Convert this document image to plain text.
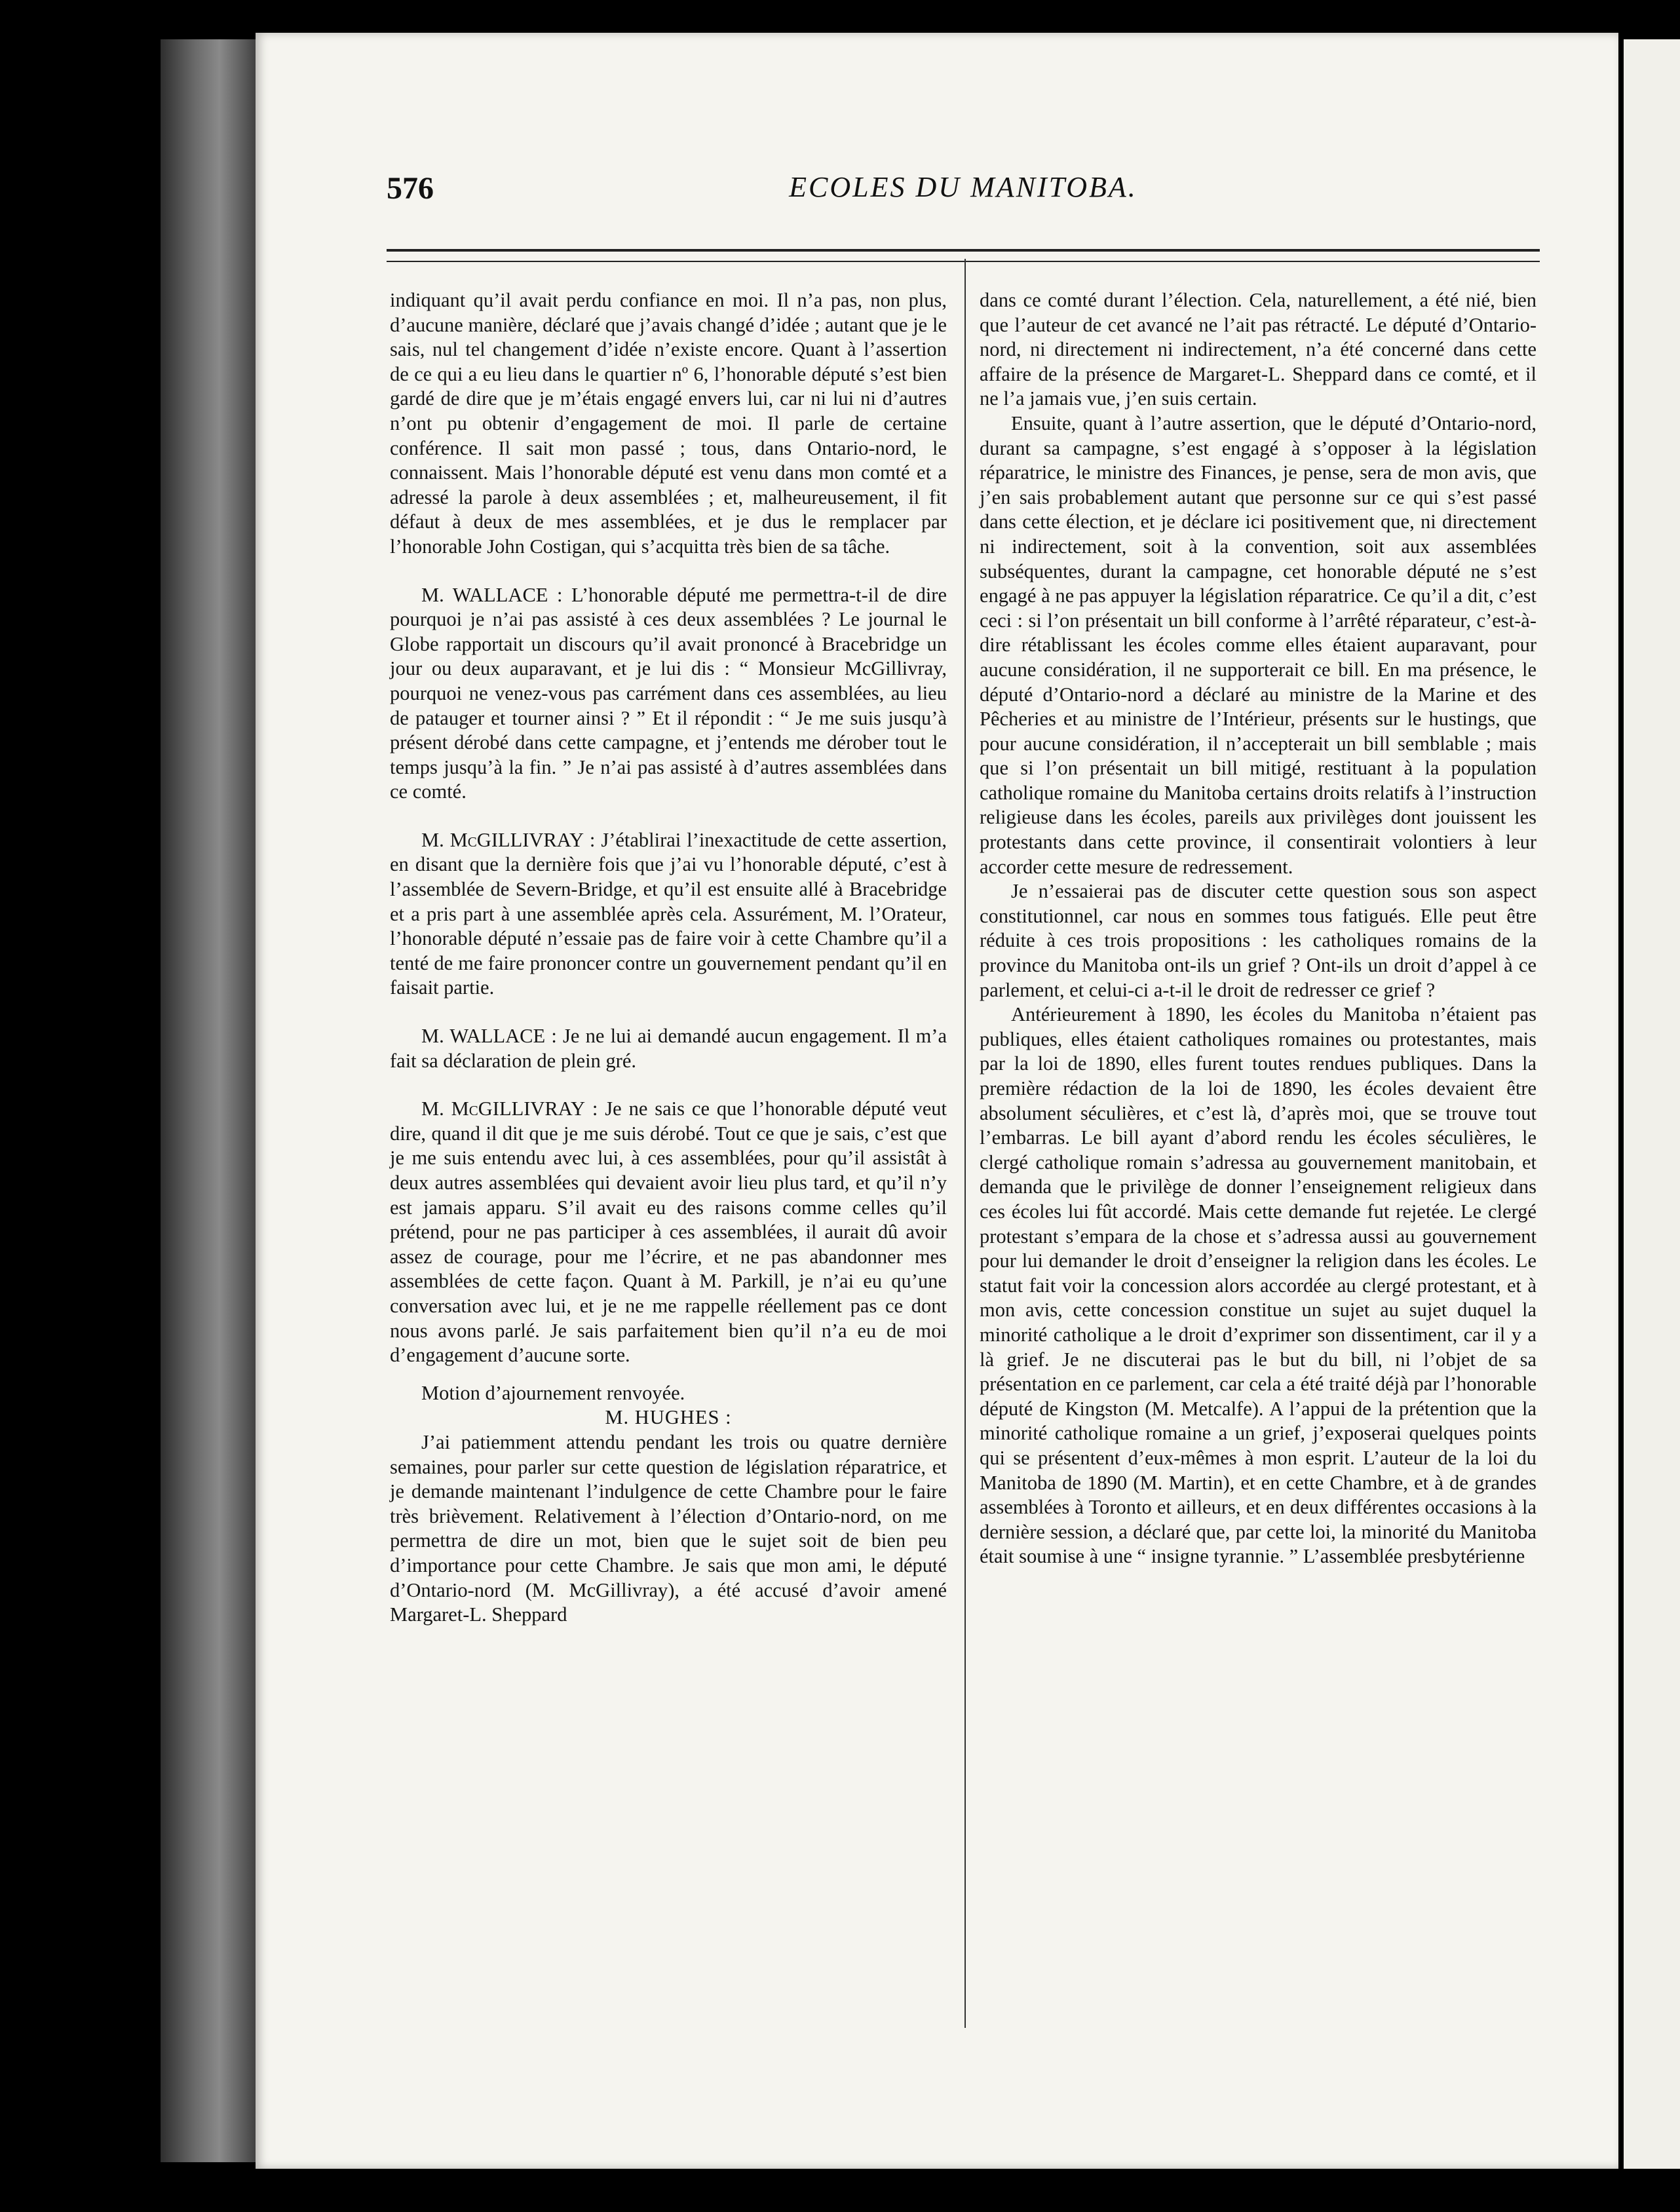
576	ECOLES DU MANITOBA.

indiquant qu’il avait perdu confiance en moi. Il n’a pas, non plus, d’aucune manière, déclaré que j’avais changé d’idée ; autant que je le sais, nul tel changement d’idée n’existe encore. Quant à l’assertion de ce qui a eu lieu dans le quartier nº 6, l’honorable député s’est bien gardé de dire que je m’étais engagé envers lui, car ni lui ni d’autres n’ont pu obtenir d’engagement de moi. Il parle de certaine conférence. Il sait mon passé ; tous, dans Ontario-nord, le connaissent. Mais l’honorable député est venu dans mon comté et a adressé la parole à deux assemblées ; et, malheureusement, il fit défaut à deux de mes assemblées, et je dus le remplacer par l’honorable John Costigan, qui s’acquitta très bien de sa tâche.

M. WALLACE : L’honorable député me permettra-t-il de dire pourquoi je n’ai pas assisté à ces deux assemblées ? Le journal le Globe rapportait un discours qu’il avait prononcé à Bracebridge un jour ou deux auparavant, et je lui dis : “ Monsieur McGillivray, pourquoi ne venez-vous pas carrément dans ces assemblées, au lieu de patauger et tourner ainsi ? ” Et il répondit : “ Je me suis jusqu’à présent dérobé dans cette campagne, et j’entends me dérober tout le temps jusqu’à la fin. ” Je n’ai pas assisté à d’autres assemblées dans ce comté.

M. McGILLIVRAY : J’établirai l’inexactitude de cette assertion, en disant que la dernière fois que j’ai vu l’honorable député, c’est à l’assemblée de Severn-Bridge, et qu’il est ensuite allé à Bracebridge et a pris part à une assemblée après cela. Assurément, M. l’Orateur, l’honorable député n’essaie pas de faire voir à cette Chambre qu’il a tenté de me faire prononcer contre un gouvernement pendant qu’il en faisait partie.

M. WALLACE : Je ne lui ai demandé aucun engagement. Il m’a fait sa déclaration de plein gré.

M. McGILLIVRAY : Je ne sais ce que l’honorable député veut dire, quand il dit que je me suis dérobé. Tout ce que je sais, c’est que je me suis entendu avec lui, à ces assemblées, pour qu’il assistât à deux autres assemblées qui devaient avoir lieu plus tard, et qu’il n’y est jamais apparu. S’il avait eu des raisons comme celles qu’il prétend, pour ne pas participer à ces assemblées, il aurait dû avoir assez de courage, pour me l’écrire, et ne pas abandonner mes assemblées de cette façon. Quant à M. Parkill, je n’ai eu qu’une conversation avec lui, et je ne me rappelle réellement pas ce dont nous avons parlé. Je sais parfaitement bien qu’il n’a eu de moi d’engagement d’aucune sorte.

Motion d’ajournement renvoyée.

M. HUGHES :

J’ai patiemment attendu pendant les trois ou quatre dernière semaines, pour parler sur cette question de législation réparatrice, et je demande maintenant l’indulgence de cette Chambre pour le faire très brièvement. Relativement à l’élection d’Ontario-nord, on me permettra de dire un mot, bien que le sujet soit de bien peu d’importance pour cette Chambre. Je sais que mon ami, le député d’Ontario-nord (M. McGillivray), a été accusé d’avoir amené Margaret-L. Sheppard

dans ce comté durant l’élection. Cela, naturellement, a été nié, bien que l’auteur de cet avancé ne l’ait pas rétracté. Le député d’Ontario-nord, ni directement ni indirectement, n’a été concerné dans cette affaire de la présence de Margaret-L. Sheppard dans ce comté, et il ne l’a jamais vue, j’en suis certain.

Ensuite, quant à l’autre assertion, que le député d’Ontario-nord, durant sa campagne, s’est engagé à s’opposer à la législation réparatrice, le ministre des Finances, je pense, sera de mon avis, que j’en sais probablement autant que personne sur ce qui s’est passé dans cette élection, et je déclare ici positivement que, ni directement ni indirectement, soit à la convention, soit aux assemblées subséquentes, durant la campagne, cet honorable député ne s’est engagé à ne pas appuyer la législation réparatrice. Ce qu’il a dit, c’est ceci : si l’on présentait un bill conforme à l’arrêté réparateur, c’est-à-dire rétablissant les écoles comme elles étaient auparavant, pour aucune considération, il ne supporterait ce bill. En ma présence, le député d’Ontario-nord a déclaré au ministre de la Marine et des Pêcheries et au ministre de l’Intérieur, présents sur le hustings, que pour aucune considération, il n’accepterait un bill semblable ; mais que si l’on présentait un bill mitigé, restituant à la population catholique romaine du Manitoba certains droits relatifs à l’instruction religieuse dans les écoles, pareils aux privilèges dont jouissent les protestants dans cette province, il consentirait volontiers à leur accorder cette mesure de redressement.

Je n’essaierai pas de discuter cette question sous son aspect constitutionnel, car nous en sommes tous fatigués. Elle peut être réduite à ces trois propositions : les catholiques romains de la province du Manitoba ont-ils un grief ? Ont-ils un droit d’appel à ce parlement, et celui-ci a-t-il le droit de redresser ce grief ?

Antérieurement à 1890, les écoles du Manitoba n’étaient pas publiques, elles étaient catholiques romaines ou protestantes, mais par la loi de 1890, elles furent toutes rendues publiques. Dans la première rédaction de la loi de 1890, les écoles devaient être absolument séculières, et c’est là, d’après moi, que se trouve tout l’embarras. Le bill ayant d’abord rendu les écoles séculières, le clergé catholique romain s’adressa au gouvernement manitobain, et demanda que le privilège de donner l’enseignement religieux dans ces écoles lui fût accordé. Mais cette demande fut rejetée. Le clergé protestant s’empara de la chose et s’adressa aussi au gouvernement pour lui demander le droit d’enseigner la religion dans les écoles. Le statut fait voir la concession alors accordée au clergé protestant, et à mon avis, cette concession constitue un sujet au sujet duquel la minorité catholique a le droit d’exprimer son dissentiment, car il y a là grief. Je ne discuterai pas le but du bill, ni l’objet de sa présentation en ce parlement, car cela a été traité déjà par l’honorable député de Kingston (M. Metcalfe). A l’appui de la prétention que la minorité catholique romaine a un grief, j’exposerai quelques points qui se présentent d’eux-mêmes à mon esprit. L’auteur de la loi du Manitoba de 1890 (M. Martin), et en cette Chambre, et à de grandes assemblées à Toronto et ailleurs, et en deux différentes occasions à la dernière session, a déclaré que, par cette loi, la minorité du Manitoba était soumise à une “ insigne tyrannie. ” L’assemblée presbytérienne
